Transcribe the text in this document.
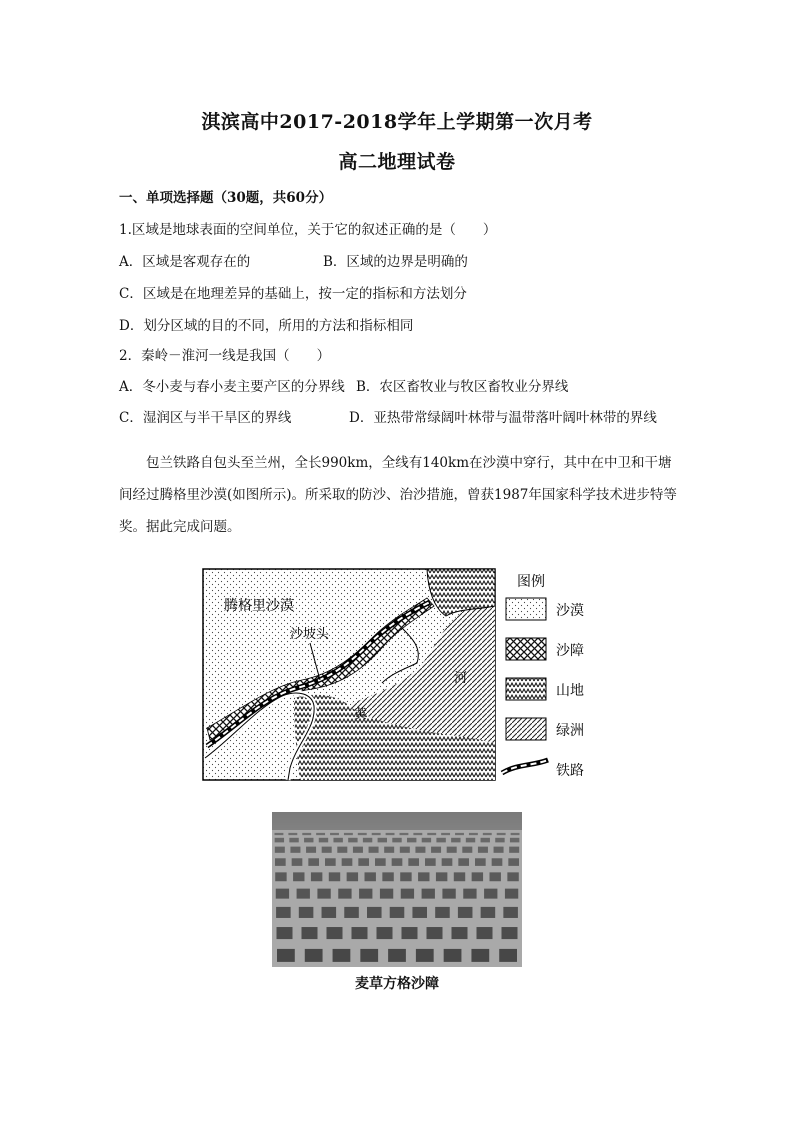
淇滨高中2017-2018学年上学期第一次月考
高二地理试卷
一、单项选择题（30题，共60分）
1.区域是地球表面的空间单位，关于它的叙述正确的是（　　）
A．区域是客观存在的	B．区域的边界是明确的
C．区域是在地理差异的基础上，按一定的指标和方法划分
D．划分区域的目的不同，所用的方法和指标相同
2．秦岭－淮河一线是我国（　　）
A．冬小麦与春小麦主要产区的分界线 B．农区畜牧业与牧区畜牧业分界线
C．湿润区与半干旱区的界线	D．亚热带常绿阔叶林带与温带落叶阔叶林带的界线
包兰铁路自包头至兰州，全长990km，全线有140km在沙漠中穿行，其中在中卫和干塘间经过腾格里沙漠(如图所示)。所采取的防沙、治沙措施，曾获1987年国家科学技术进步特等奖。据此完成问题。
腾格里沙漠
沙坡头
黄
河
图例
沙漠
沙障
山地
绿洲
铁路
麦草方格沙障
